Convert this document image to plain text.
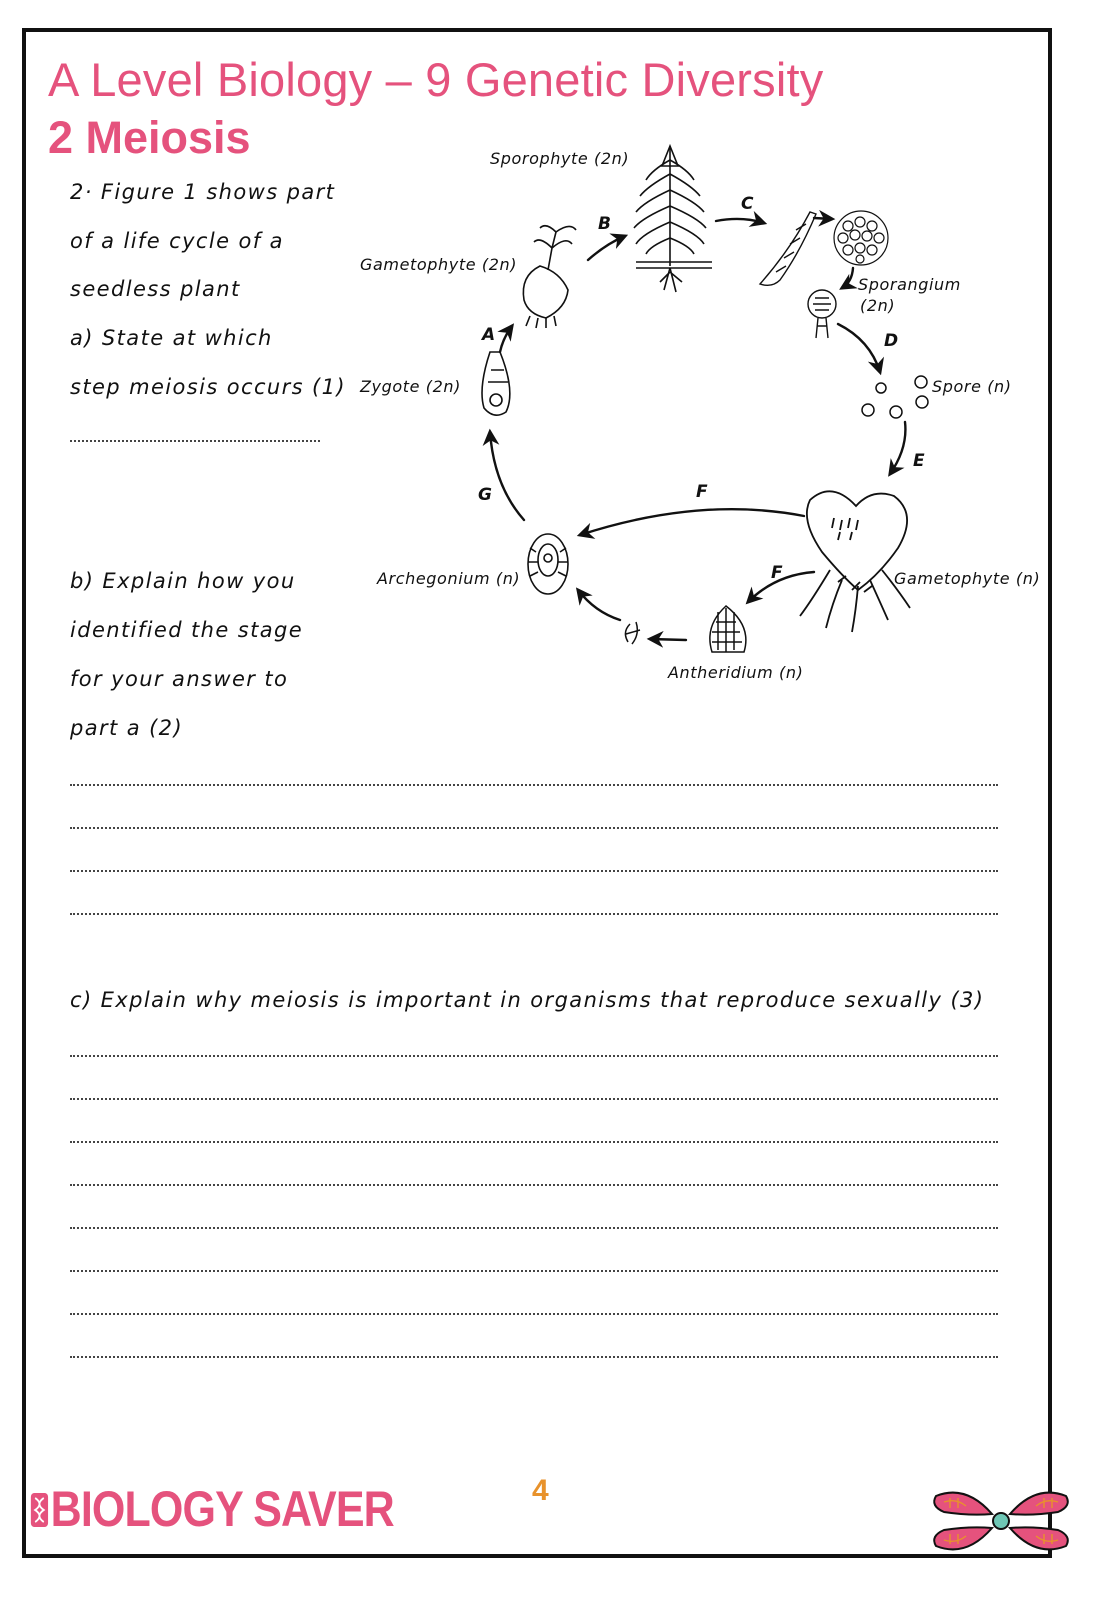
A Level Biology – 9 Genetic Diversity
2 Meiosis

2· Figure 1 shows part

of a life cycle of a

seedless plant

a) State at which

step meiosis occurs (1)

b) Explain how you

identified the stage

for your answer to

part a (2)

c) Explain why meiosis is important in organisms that reproduce sexually (3)

Sporophyte (2n)
Gametophyte (2n)
Sporangium
(2n)
Zygote (2n)	Spore (n)
Archegonium (n)	Gametophyte (n)
Antheridium (n)
A
B
C
D
E
F
F
G
BIOLOGY SAVER	4
